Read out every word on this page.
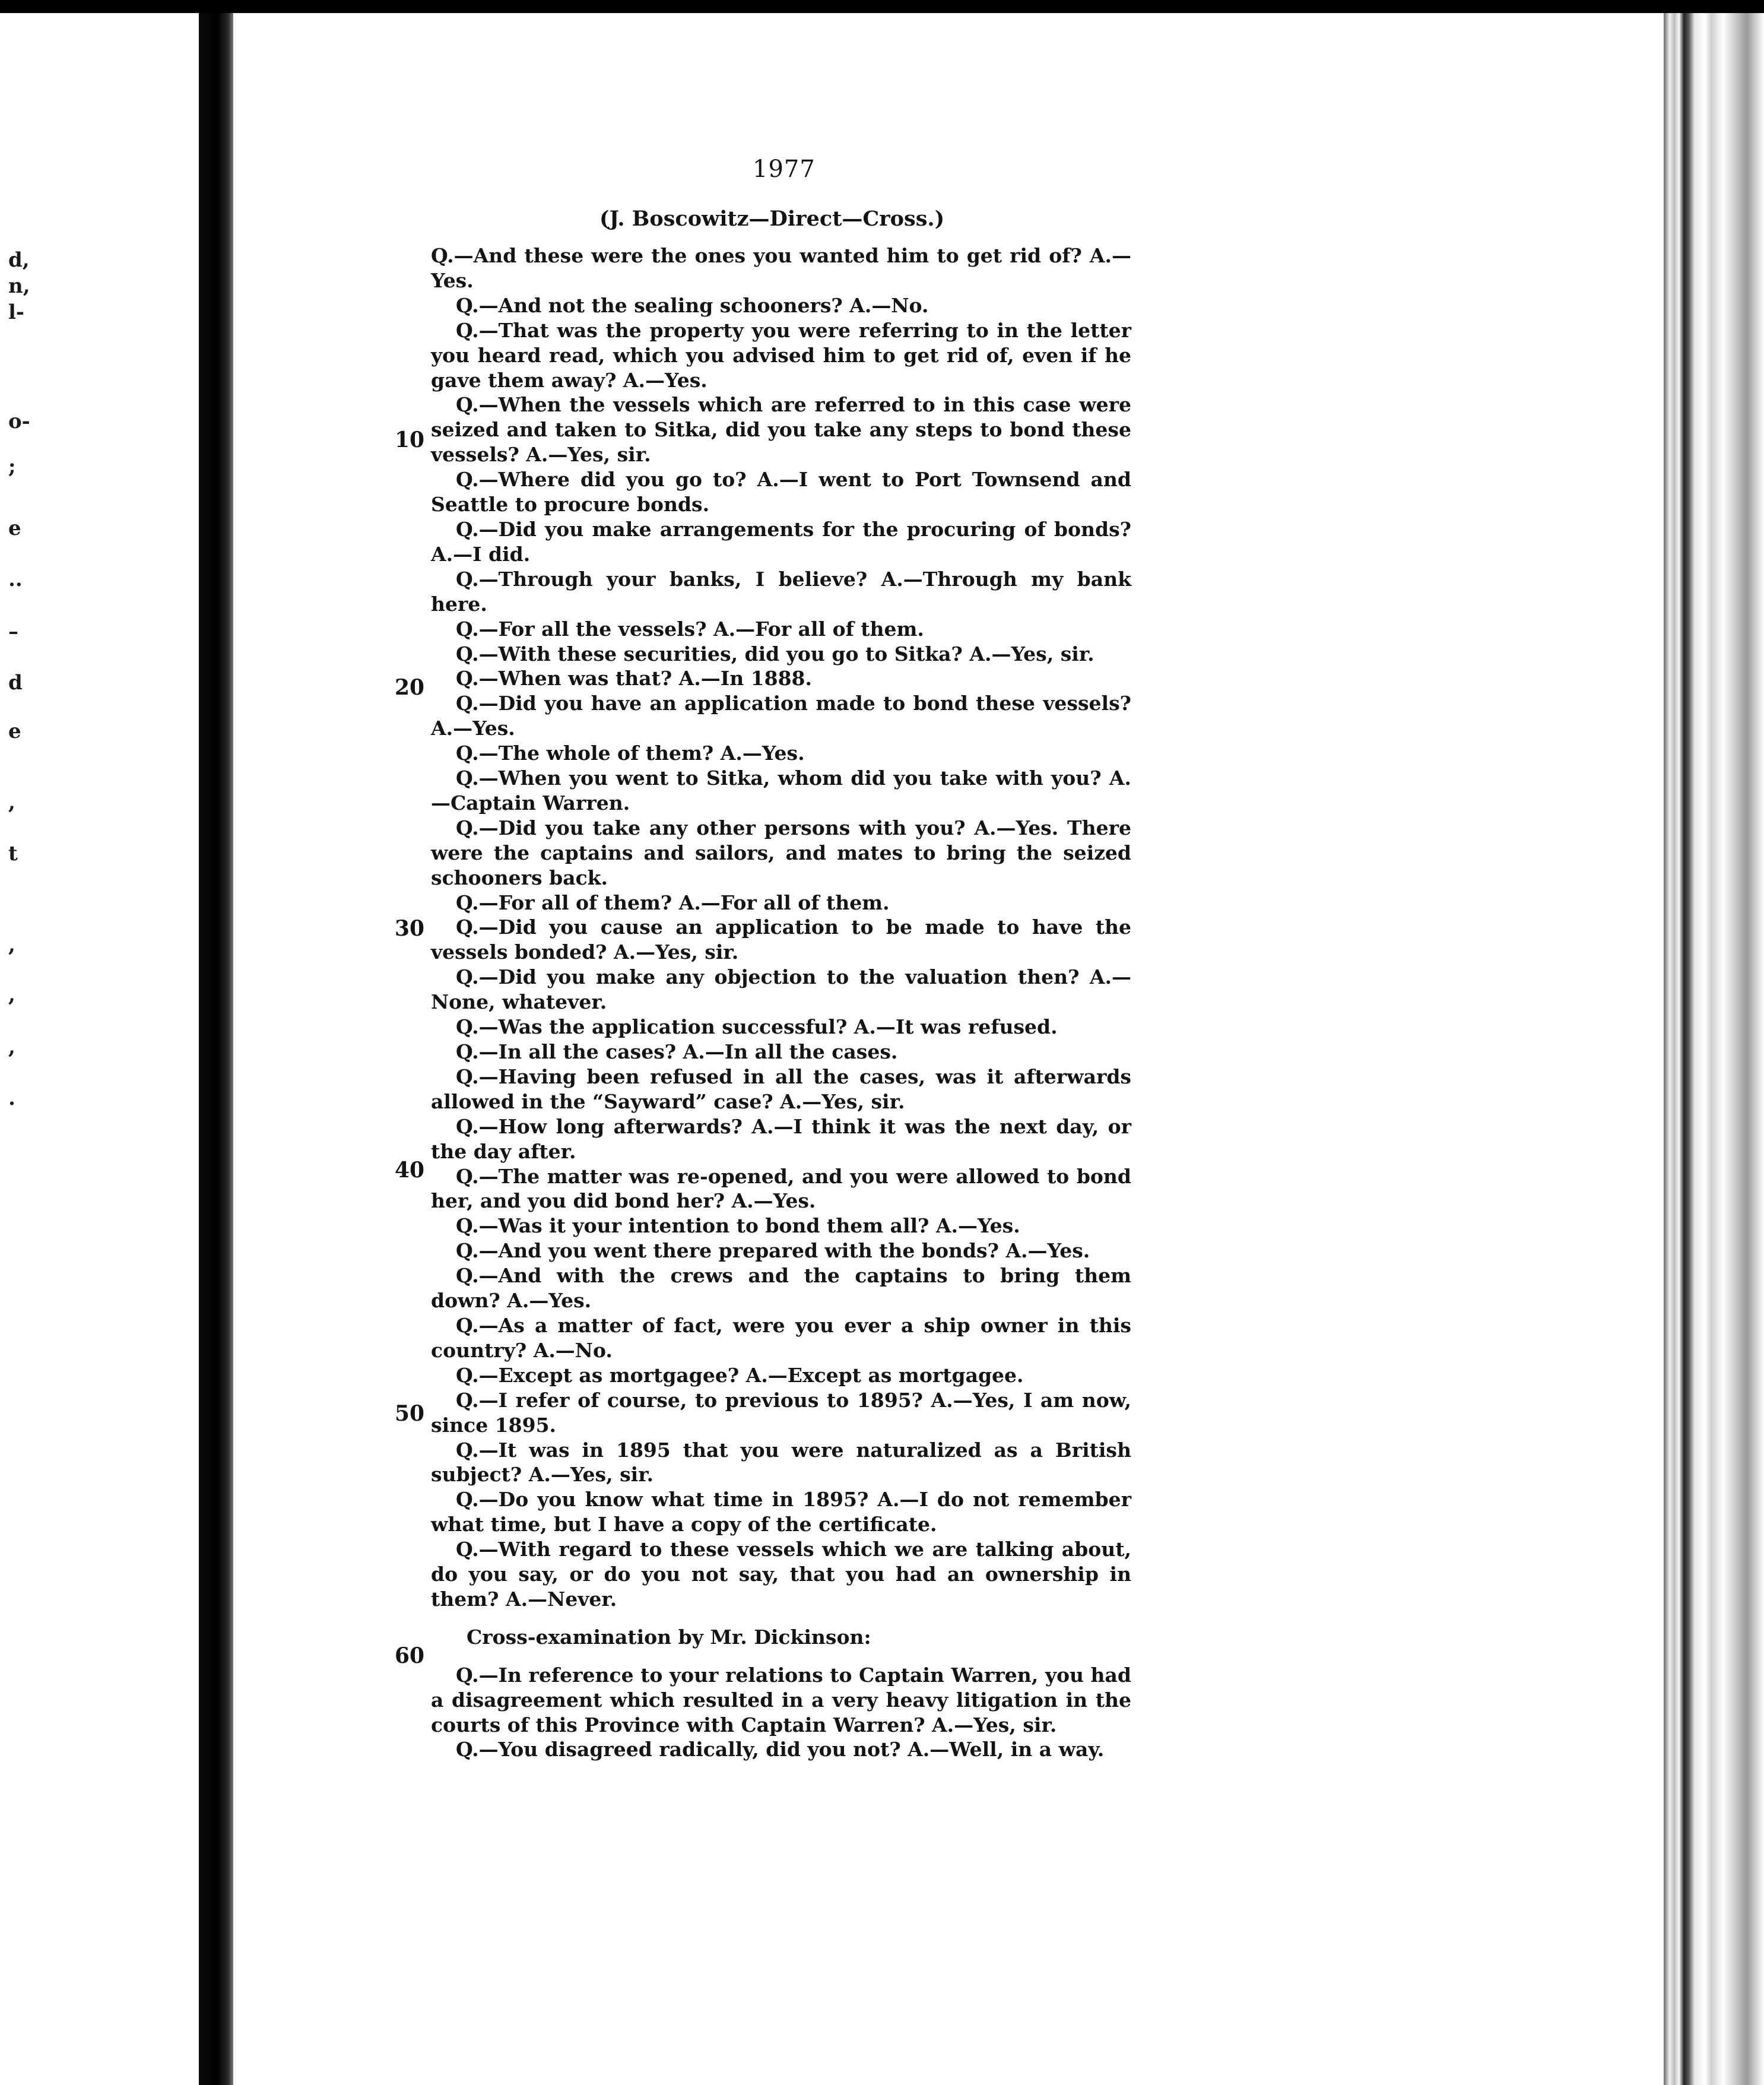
d,
n,
l-
o-
;
e
..
–
d
e
,
t
,
,
,
.
1977
(J. Boscowitz—Direct—Cross.)
10
20
30
40
50
60

Q.—And these were the ones you wanted him to get rid of? A.—Yes.

Q.—And not the sealing schooners? A.—No.

Q.—That was the property you were referring to in the letter you heard read, which you advised him to get rid of, even if he gave them away? A.—Yes.

Q.—When the vessels which are referred to in this case were seized and taken to Sitka, did you take any steps to bond these vessels? A.—Yes, sir.

Q.—Where did you go to? A.—I went to Port Townsend and Seattle to procure bonds.

Q.—Did you make arrangements for the procuring of bonds? A.—I did.

Q.—Through your banks, I believe? A.—Through my bank here.

Q.—For all the vessels? A.—For all of them.

Q.—With these securities, did you go to Sitka? A.—Yes, sir.

Q.—When was that? A.—In 1888.

Q.—Did you have an application made to bond these vessels? A.—Yes.

Q.—The whole of them? A.—Yes.

Q.—When you went to Sitka, whom did you take with you? A.—Captain Warren.

Q.—Did you take any other persons with you? A.—Yes. There were the captains and sailors, and mates to bring the seized schooners back.

Q.—For all of them? A.—For all of them.

Q.—Did you cause an application to be made to have the vessels bonded? A.—Yes, sir.

Q.—Did you make any objection to the valuation then? A.—None, whatever.

Q.—Was the application successful? A.—It was refused.

Q.—In all the cases? A.—In all the cases.

Q.—Having been refused in all the cases, was it afterwards allowed in the “Sayward” case? A.—Yes, sir.

Q.—How long afterwards? A.—I think it was the next day, or the day after.

Q.—The matter was re-opened, and you were allowed to bond her, and you did bond her? A.—Yes.

Q.—Was it your intention to bond them all? A.—Yes.

Q.—And you went there prepared with the bonds? A.—Yes.

Q.—And with the crews and the captains to bring them down? A.—Yes.

Q.—As a matter of fact, were you ever a ship owner in this country? A.—No.

Q.—Except as mortgagee? A.—Except as mortgagee.

Q.—I refer of course, to previous to 1895? A.—Yes, I am now, since 1895.

Q.—It was in 1895 that you were naturalized as a British subject? A.—Yes, sir.

Q.—Do you know what time in 1895? A.—I do not remember what time, but I have a copy of the certificate.

Q.—With regard to these vessels which we are talking about, do you say, or do you not say, that you had an ownership in them? A.—Never.

Cross-examination by Mr. Dickinson:

Q.—In reference to your relations to Captain Warren, you had a disagreement which resulted in a very heavy litigation in the courts of this Province with Captain Warren? A.—Yes, sir.

Q.—You disagreed radically, did you not? A.—Well, in a way.
